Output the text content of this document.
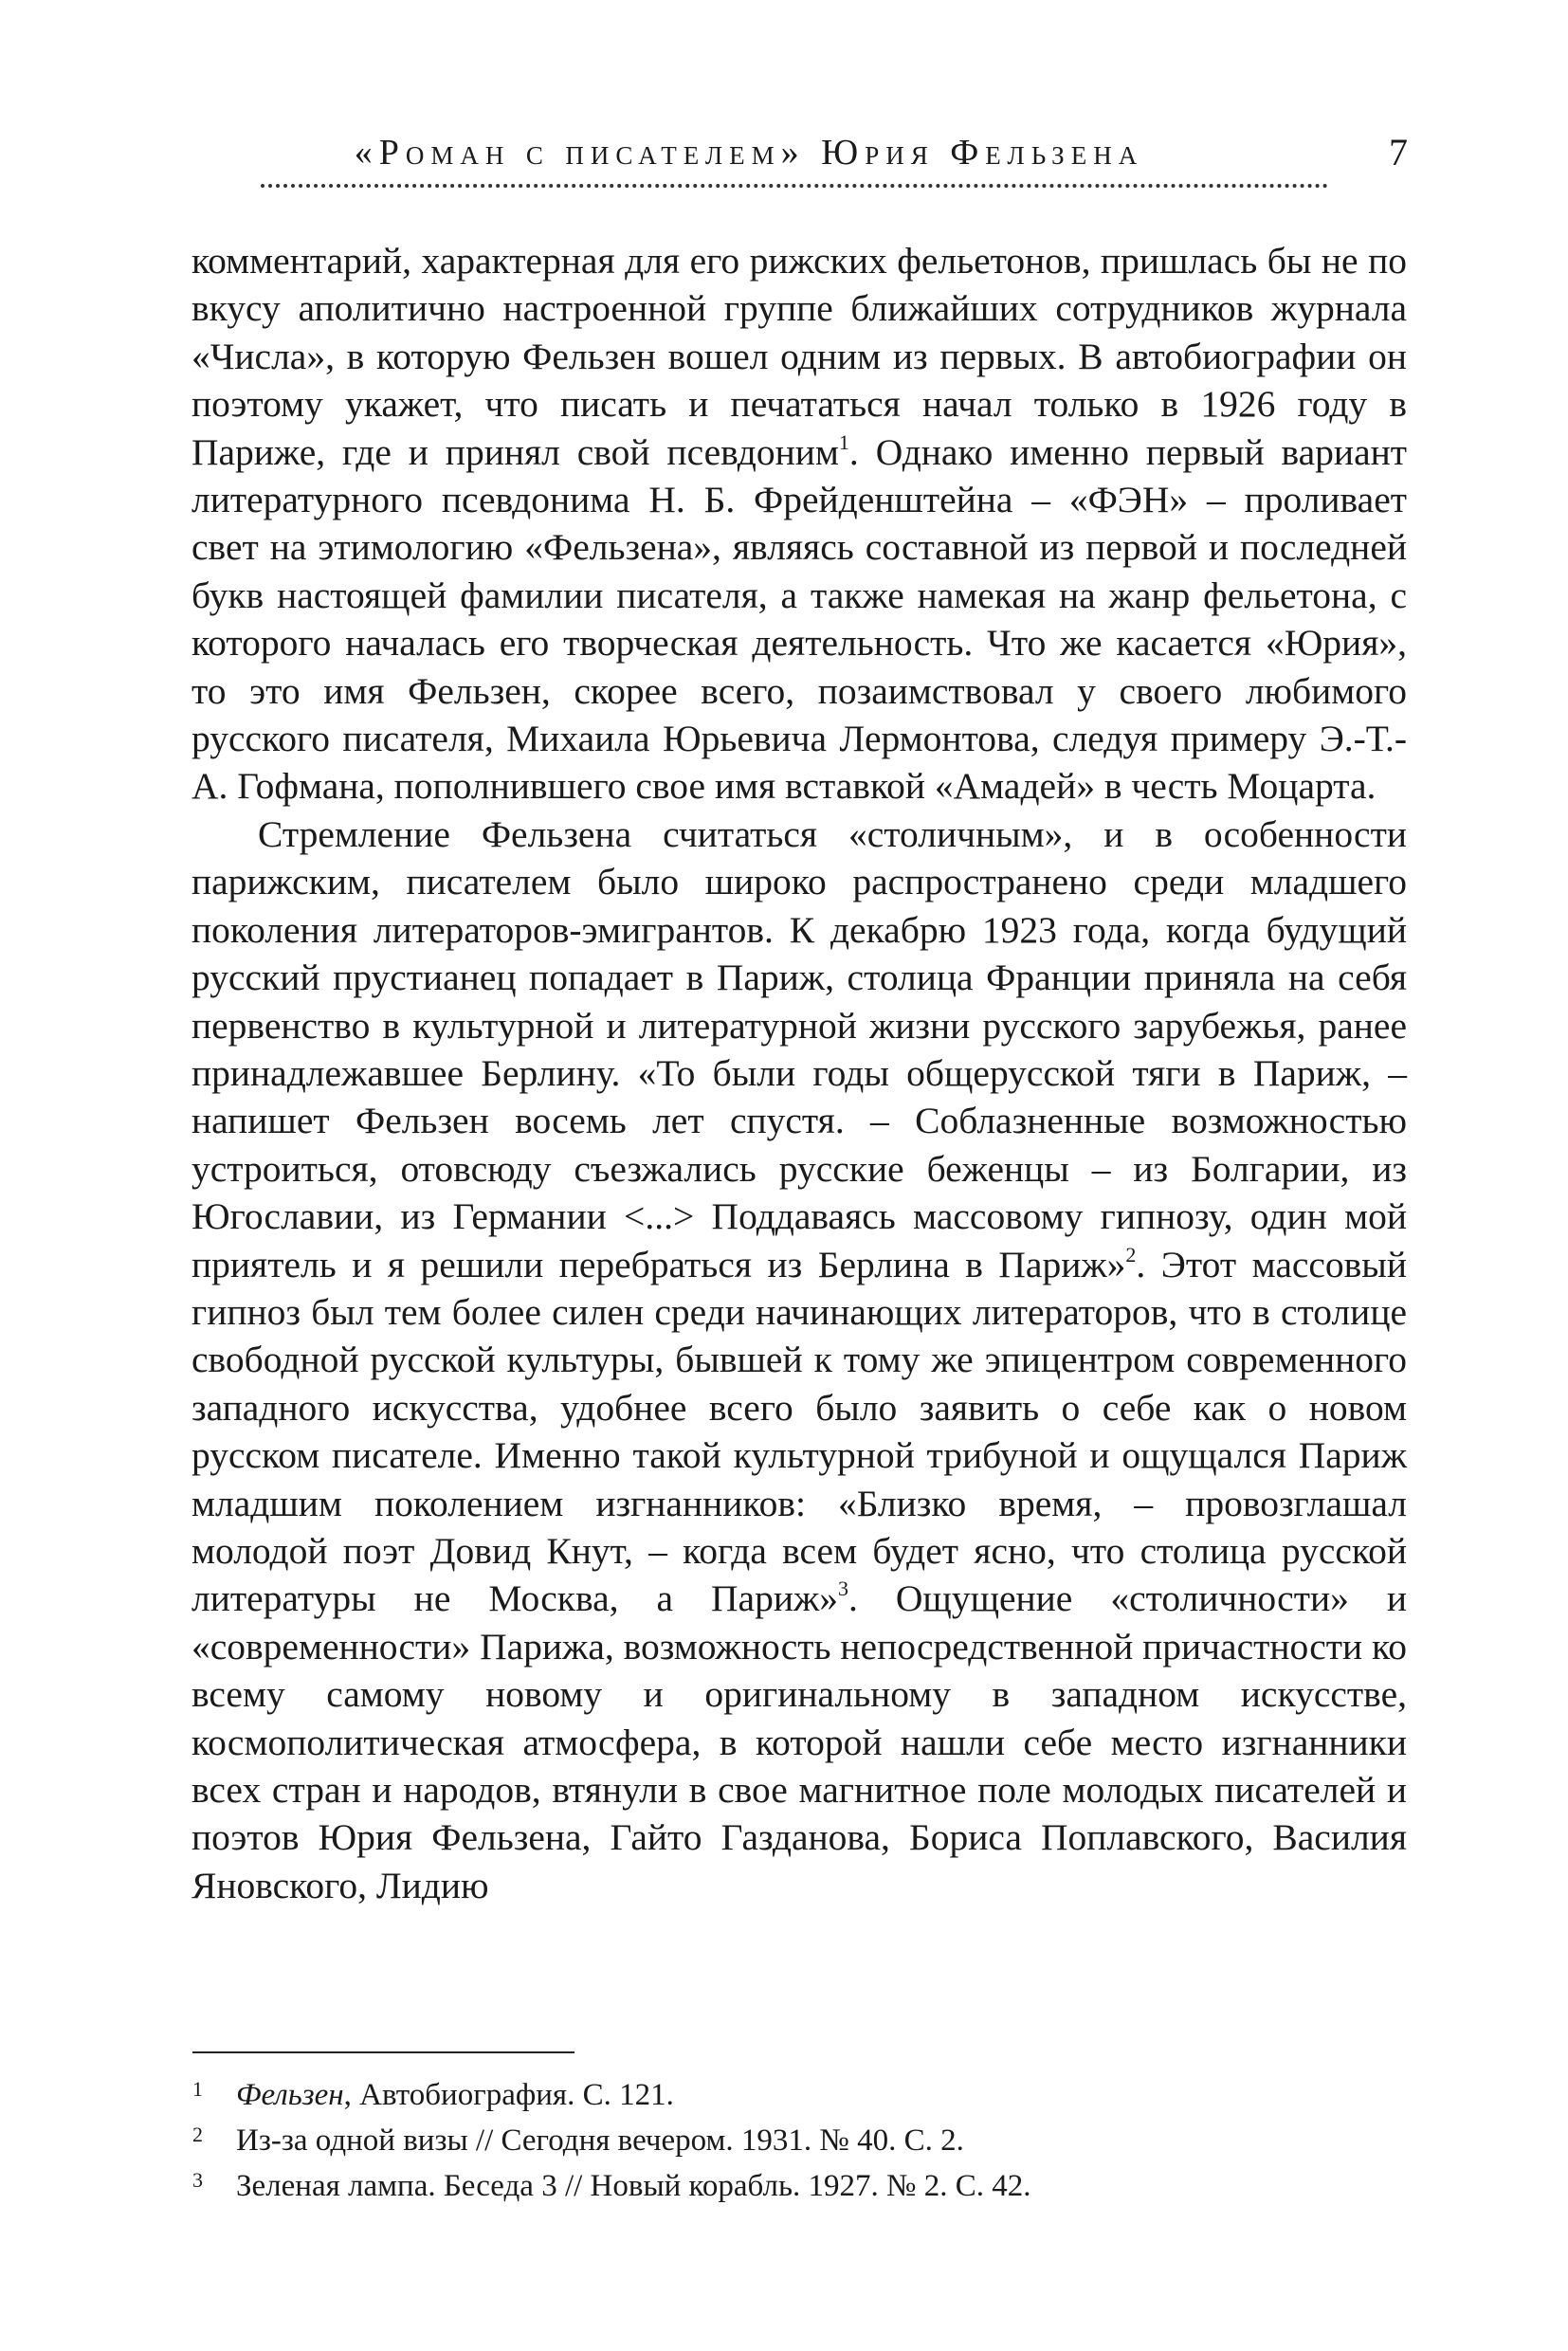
«Роман с писателем» Юрия Фельзена	7

комментарий, характерная для его рижских фельетонов, пришлась бы не по вкусу аполитично настроенной группе ближайших сотрудников журнала «Числа», в которую Фельзен вошел одним из первых. В автобиографии он поэтому укажет, что писать и печататься начал только в 1926 году в Париже, где и принял свой псевдоним$^1$. Однако именно первый вариант литературного псевдонима Н. Б. Фрейденштейна – «ФЭН» – проливает свет на этимологию «Фельзена», являясь составной из первой и последней букв настоящей фамилии писателя, а также намекая на жанр фельетона, с которого началась его творческая деятельность. Что же касается «Юрия», то это имя Фельзен, скорее всего, позаимствовал у своего любимого русского писателя, Михаила Юрьевича Лермонтова, следуя примеру Э.-Т.-А. Гофмана, пополнившего свое имя вставкой «Амадей» в честь Моцарта.

Стремление Фельзена считаться «столичным», и в особенности парижским, писателем было широко распространено среди младшего поколения литераторов-эмигрантов. К декабрю 1923 года, когда будущий русский прустианец попадает в Париж, столица Франции приняла на себя первенство в культурной и литературной жизни русского зарубежья, ранее принадлежавшее Берлину. «То были годы общерусской тяги в Париж, – напишет Фельзен восемь лет спустя. – Соблазненные возможностью устроиться, отовсюду съезжались русские беженцы – из Болгарии, из Югославии, из Германии <...> Поддаваясь массовому гипнозу, один мой приятель и я решили перебраться из Берлина в Париж»$^2$. Этот массовый гипноз был тем более силен среди начинающих литераторов, что в столице свободной русской культуры, бывшей к тому же эпицентром современного западного искусства, удобнее всего было заявить о себе как о новом русском писателе. Именно такой культурной трибуной и ощущался Париж младшим поколением изгнанников: «Близко время, – провозглашал молодой поэт Довид Кнут, – когда всем будет ясно, что столица русской литературы не Москва, а Париж»$^3$. Ощущение «столичности» и «современности» Парижа, возможность непосредственной причастности ко всему самому новому и оригинальному в западном искусстве, космополитическая атмосфера, в которой нашли себе место изгнанники всех стран и народов, втянули в свое магнитное поле молодых писателей и поэтов Юрия Фельзена, Гайто Газданова, Бориса Поплавского, Василия Яновского, Лидию

1 Фельзен, Автобиография. С. 121.
2 Из-за одной визы // Сегодня вечером. 1931. № 40. С. 2.
3 Зеленая лампа. Беседа 3 // Новый корабль. 1927. № 2. С. 42.
